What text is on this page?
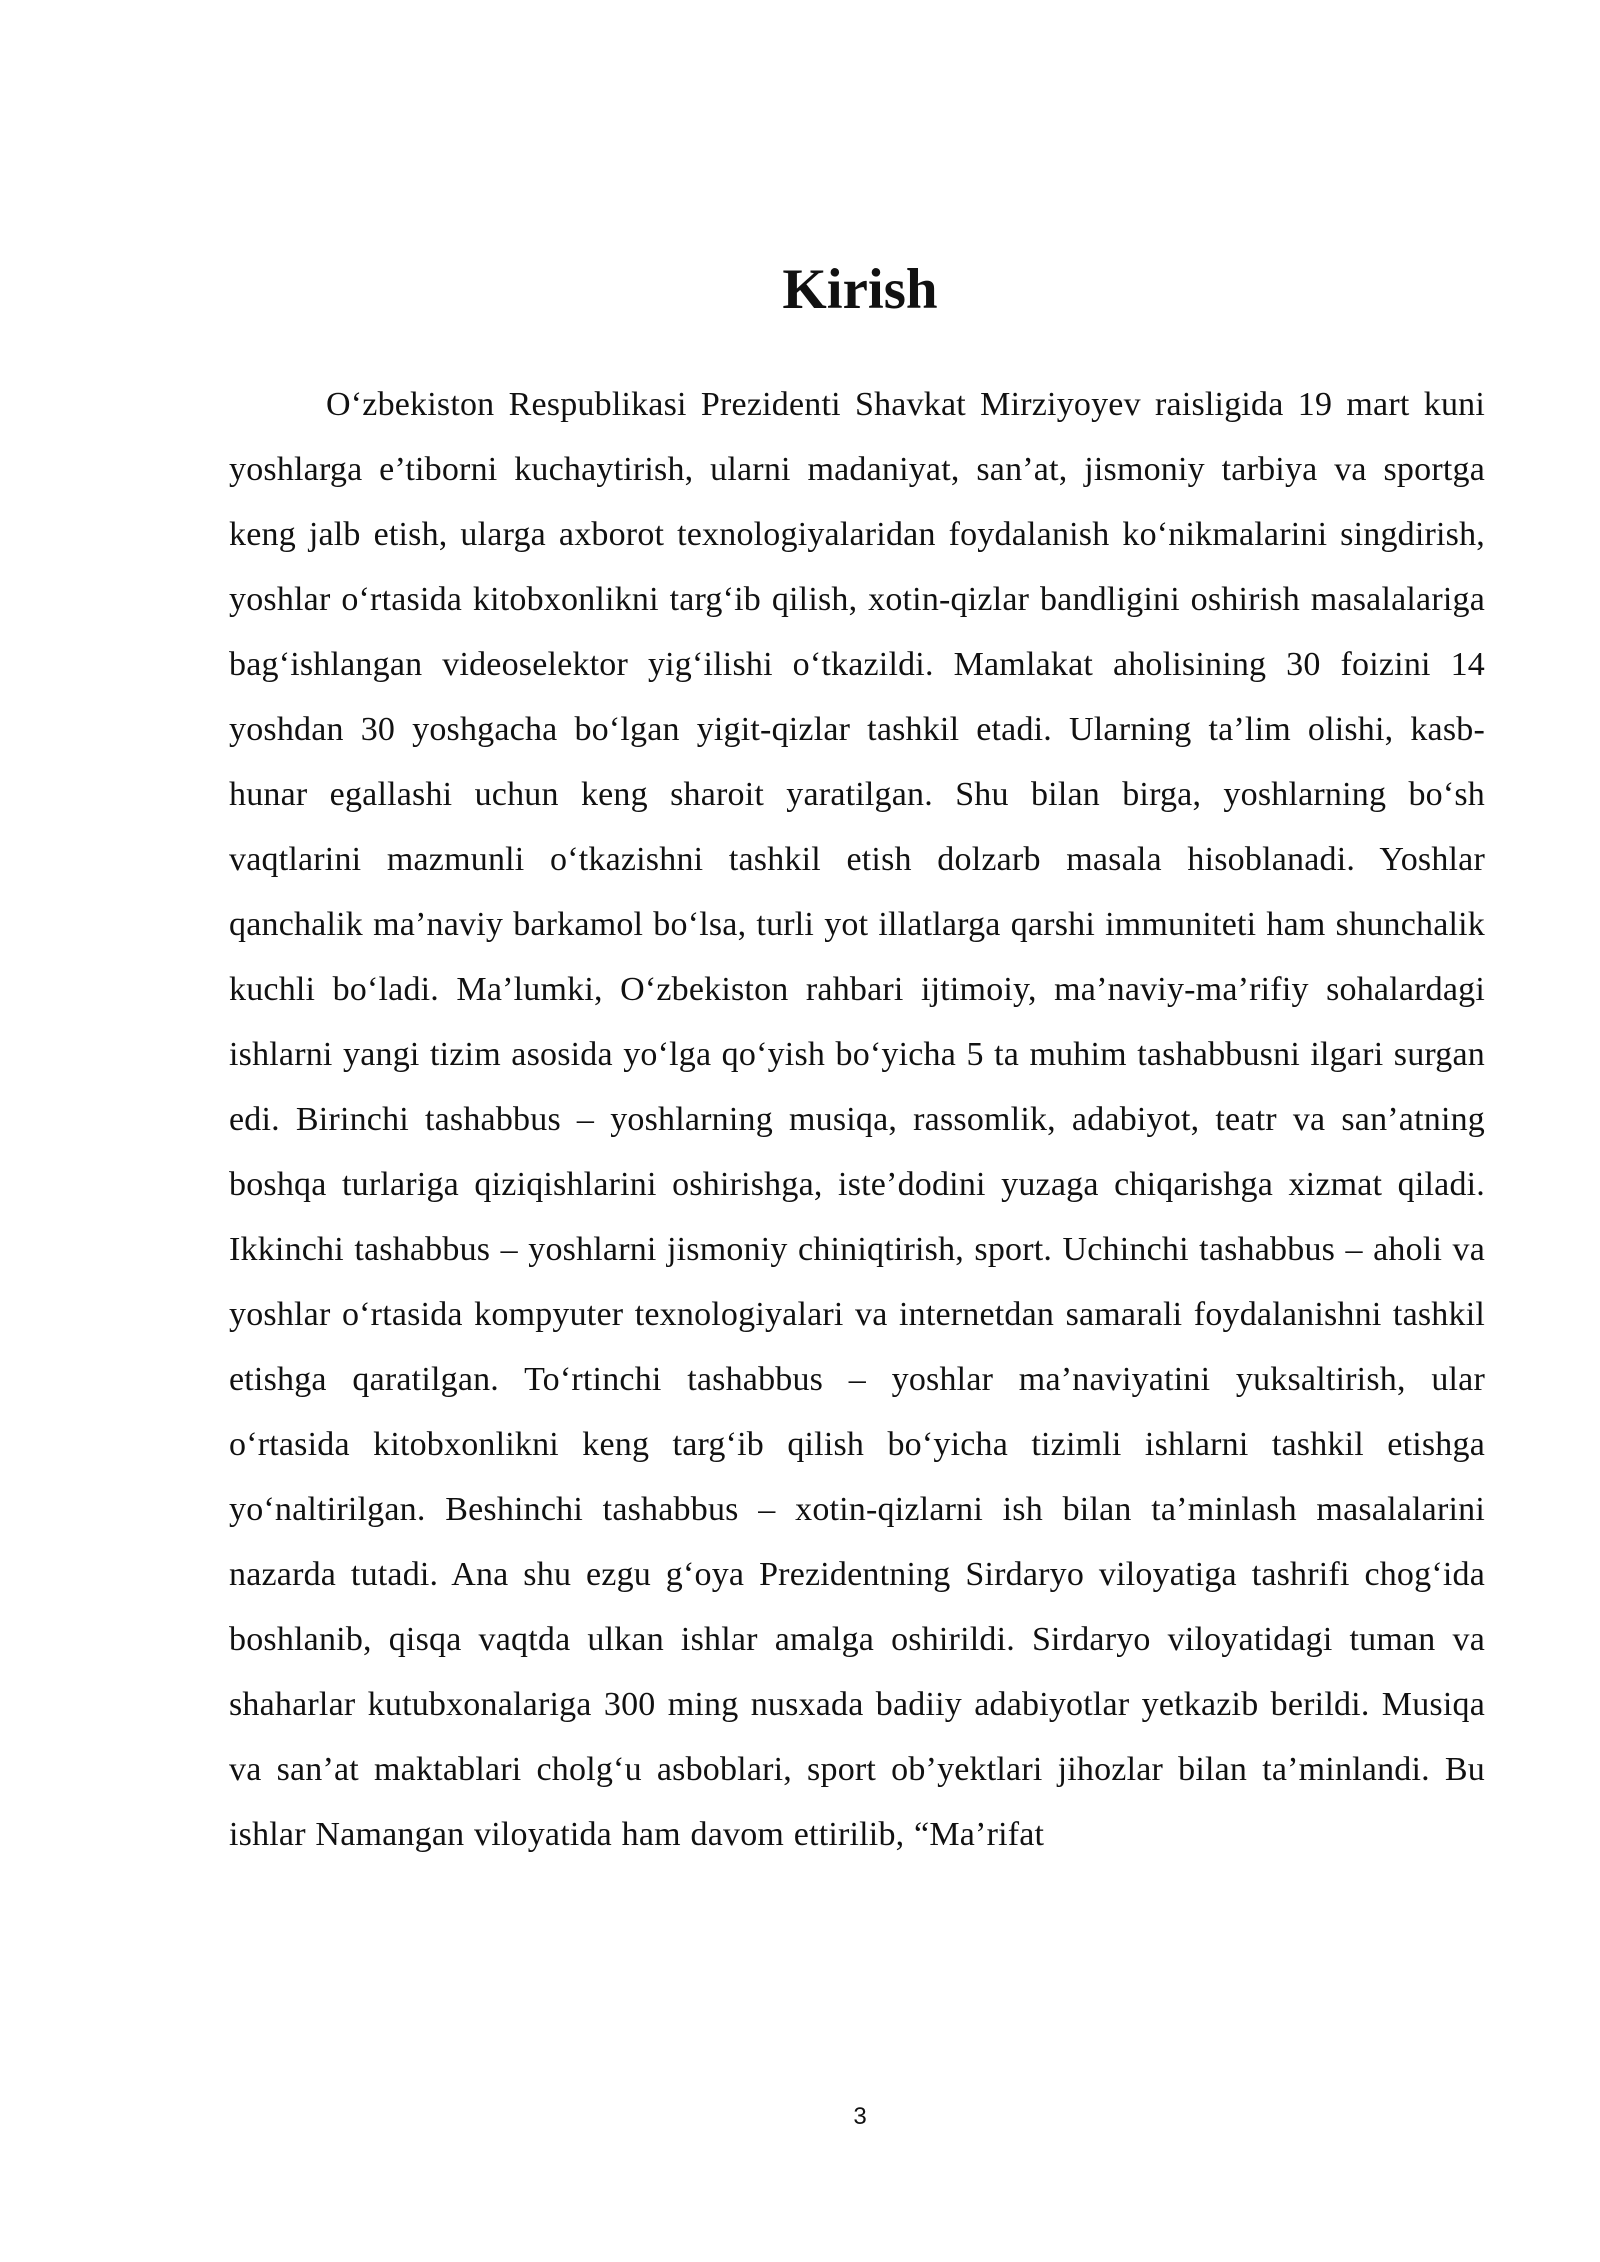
Kirish

O‘zbekiston Respublikasi Prezidenti Shavkat Mirziyoyev raisligida 19 mart kuni yoshlarga e’tiborni kuchaytirish, ularni madaniyat, san’at, jismoniy tarbiya va sportga keng jalb etish, ularga axborot texnologiyalaridan foydalanish ko‘nikmalarini singdirish, yoshlar o‘rtasida kitobxonlikni targ‘ib qilish, xotin-qizlar bandligini oshirish masalalariga bag‘ishlangan videoselektor yig‘ilishi o‘tkazildi. Mamlakat aholisining 30 foizini 14 yoshdan 30 yoshgacha bo‘lgan yigit-qizlar tashkil etadi. Ularning ta’lim olishi, kasb-hunar egallashi uchun keng sharoit yaratilgan. Shu bilan birga, yoshlarning bo‘sh vaqtlarini mazmunli o‘tkazishni tashkil etish dolzarb masala hisoblanadi. Yoshlar qanchalik ma’naviy barkamol bo‘lsa, turli yot illatlarga qarshi immuniteti ham shunchalik kuchli bo‘ladi. Ma’lumki, O‘zbekiston rahbari ijtimoiy, ma’naviy-ma’rifiy sohalardagi ishlarni yangi tizim asosida yo‘lga qo‘yish bo‘yicha 5 ta muhim tashabbusni ilgari surgan edi. Birinchi tashabbus – yoshlarning musiqa, rassomlik, adabiyot, teatr va san’atning boshqa turlariga qiziqishlarini oshirishga, iste’dodini yuzaga chiqarishga xizmat qiladi. Ikkinchi tashabbus – yoshlarni jismoniy chiniqtirish, sport. Uchinchi tashabbus – aholi va yoshlar o‘rtasida kompyuter texnologiyalari va internetdan samarali foydalanishni tashkil etishga qaratilgan. To‘rtinchi tashabbus – yoshlar ma’naviyatini yuksaltirish, ular o‘rtasida kitobxonlikni keng targ‘ib qilish bo‘yicha tizimli ishlarni tashkil etishga yo‘naltirilgan. Beshinchi tashabbus – xotin-qizlarni ish bilan ta’minlash masalalarini nazarda tutadi. Ana shu ezgu g‘oya Prezidentning Sirdaryo viloyatiga tashrifi chog‘ida boshlanib, qisqa vaqtda ulkan ishlar amalga oshirildi. Sirdaryo viloyatidagi tuman va shaharlar kutubxonalariga 300 ming nusxada badiiy adabiyotlar yetkazib berildi. Musiqa va san’at maktablari cholg‘u asboblari, sport ob’yektlari jihozlar bilan ta’minlandi. Bu ishlar Namangan viloyatida ham davom ettirilib, “Ma’rifat

3
